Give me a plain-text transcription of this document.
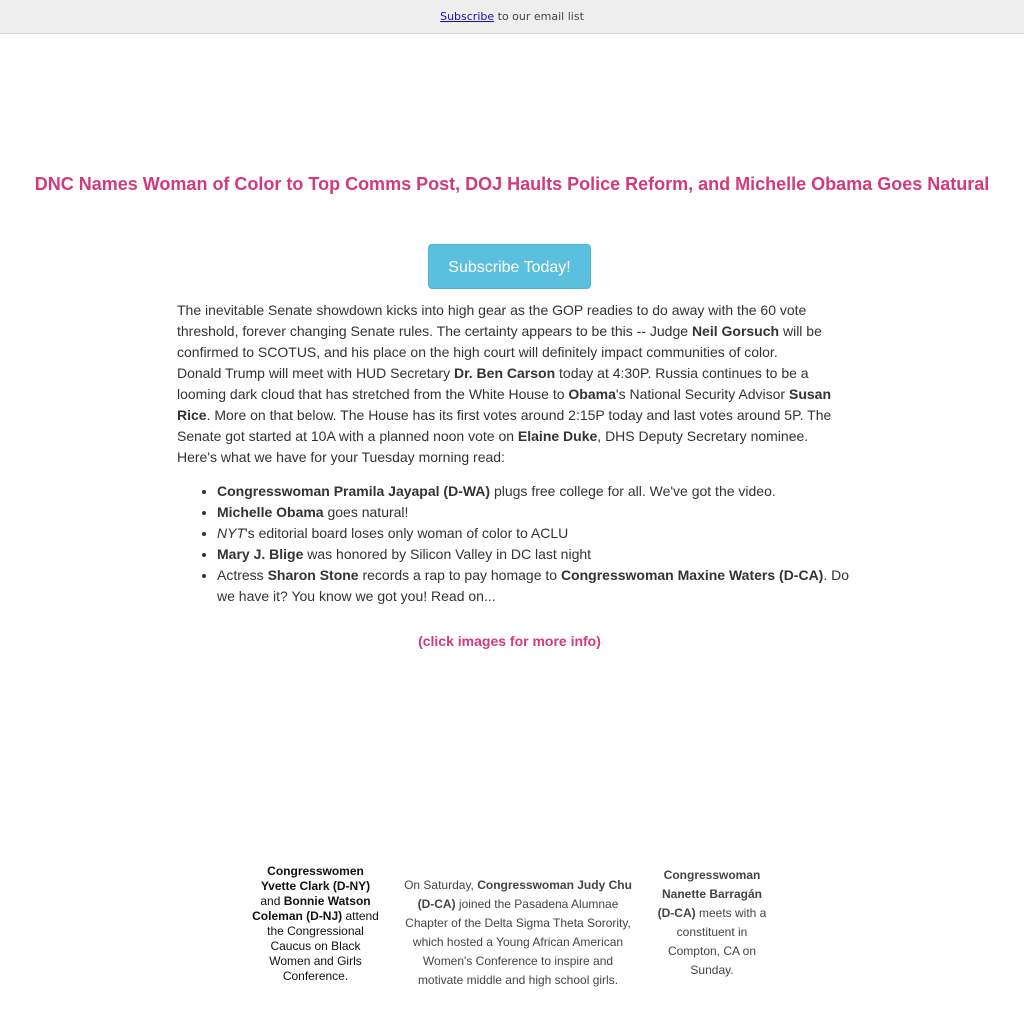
Subscribe to our email list
DNC Names Woman of Color to Top Comms Post, DOJ Haults Police Reform, and Michelle Obama Goes Natural
Subscribe Today!

The inevitable Senate showdown kicks into high gear as the GOP readies to do away with the 60 vote threshold, forever changing Senate rules. The certainty appears to be this -- Judge Neil Gorsuch will be confirmed to SCOTUS, and his place on the high court will definitely impact communities of color.
Donald Trump will meet with HUD Secretary Dr. Ben Carson today at 4:30P. Russia continues to be a looming dark cloud that has stretched from the White House to Obama's National Security Advisor Susan Rice. More on that below. The House has its first votes around 2:15P today and last votes around 5P. The Senate got started at 10A with a planned noon vote on Elaine Duke, DHS Deputy Secretary nominee. Here's what we have for your Tuesday morning read:

• Congresswoman Pramila Jayapal (D-WA) plugs free college for all. We've got the video.
• Michelle Obama goes natural!
• NYT's editorial board loses only woman of color to ACLU
• Mary J. Blige was honored by Silicon Valley in DC last night
• Actress Sharon Stone records a rap to pay homage to Congresswoman Maxine Waters (D-CA). Do we have it? You know we got you! Read on...
(click images for more info)
Congresswomen Yvette Clark (D-NY) and Bonnie Watson Coleman (D-NJ) attend the Congressional Caucus on Black Women and Girls Conference.
On Saturday, Congresswoman Judy Chu (D-CA) joined the Pasadena Alumnae Chapter of the Delta Sigma Theta Sorority, which hosted a Young African American Women's Conference to inspire and motivate middle and high school girls.
Congresswoman Nanette Barragán (D-CA) meets with a constituent in Compton, CA on Sunday.
